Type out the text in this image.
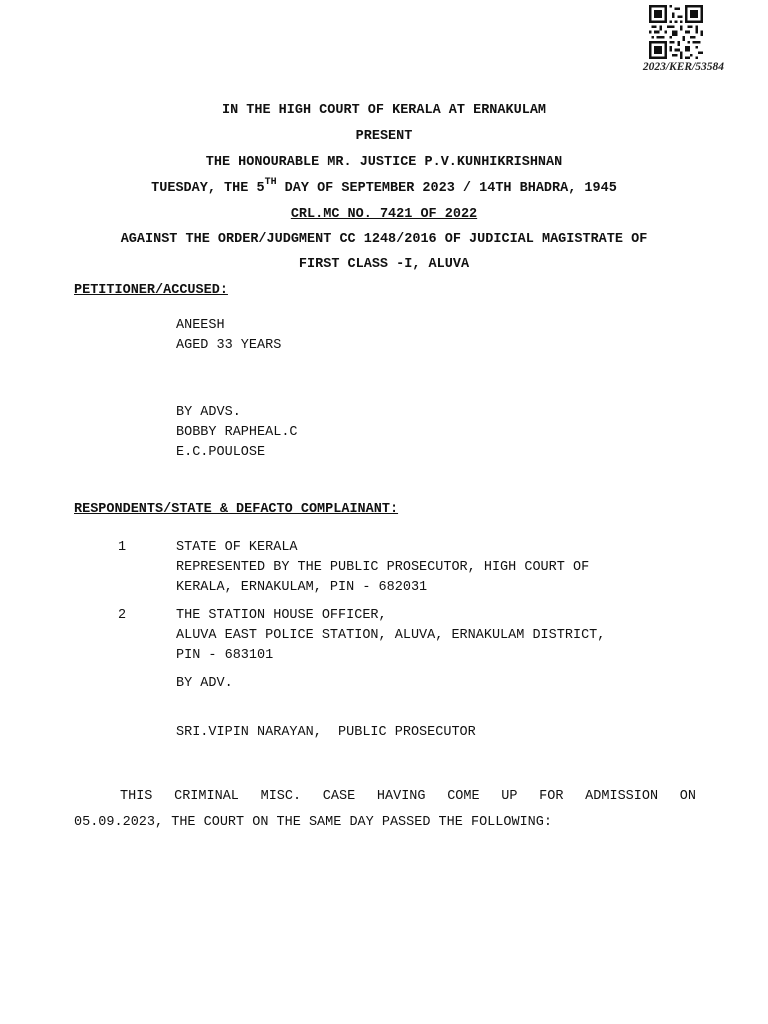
2023/KER/53584
IN THE HIGH COURT OF KERALA AT ERNAKULAM
PRESENT
THE HONOURABLE MR. JUSTICE P.V.KUNHIKRISHNAN
TUESDAY, THE 5TH DAY OF SEPTEMBER 2023 / 14TH BHADRA, 1945
CRL.MC NO. 7421 OF 2022
AGAINST THE ORDER/JUDGMENT CC 1248/2016 OF JUDICIAL MAGISTRATE OF
FIRST CLASS -I, ALUVA
PETITIONER/ACCUSED:
ANEESH
AGED 33 YEARS
BY ADVS.
BOBBY RAPHEAL.C
E.C.POULOSE
RESPONDENTS/STATE & DEFACTO COMPLAINANT:
1	STATE OF KERALA
REPRESENTED BY THE PUBLIC PROSECUTOR, HIGH COURT OF
KERALA, ERNAKULAM, PIN - 682031
2	THE STATION HOUSE OFFICER,
ALUVA EAST POLICE STATION, ALUVA, ERNAKULAM DISTRICT,
PIN - 683101
BY ADV.
SRI.VIPIN NARAYAN,  PUBLIC PROSECUTOR
THIS CRIMINAL MISC. CASE HAVING COME UP FOR ADMISSION ON
05.09.2023, THE COURT ON THE SAME DAY PASSED THE FOLLOWING:
